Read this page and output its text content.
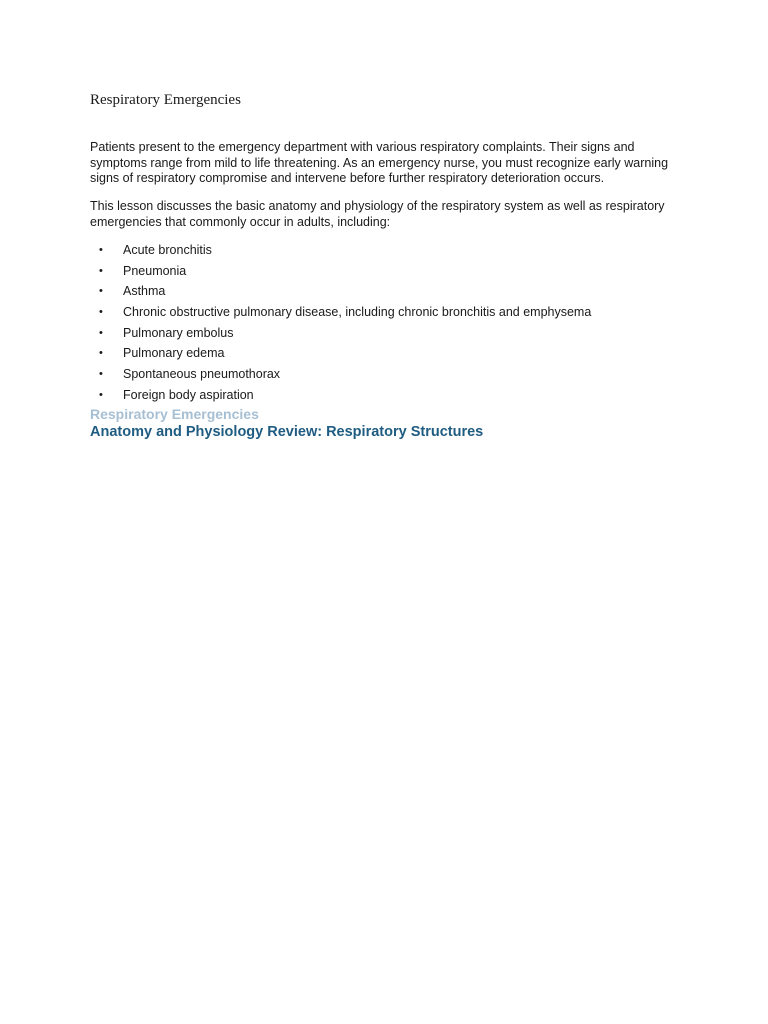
Respiratory Emergencies

Patients present to the emergency department with various respiratory complaints. Their signs and symptoms range from mild to life threatening. As an emergency nurse, you must recognize early warning signs of respiratory compromise and intervene before further respiratory deterioration occurs.

This lesson discusses the basic anatomy and physiology of the respiratory system as well as respiratory emergencies that commonly occur in adults, including:

• Acute bronchitis
• Pneumonia
• Asthma
• Chronic obstructive pulmonary disease, including chronic bronchitis and emphysema
• Pulmonary embolus
• Pulmonary edema
• Spontaneous pneumothorax
• Foreign body aspiration
Respiratory Emergencies
Anatomy and Physiology Review: Respiratory Structures
